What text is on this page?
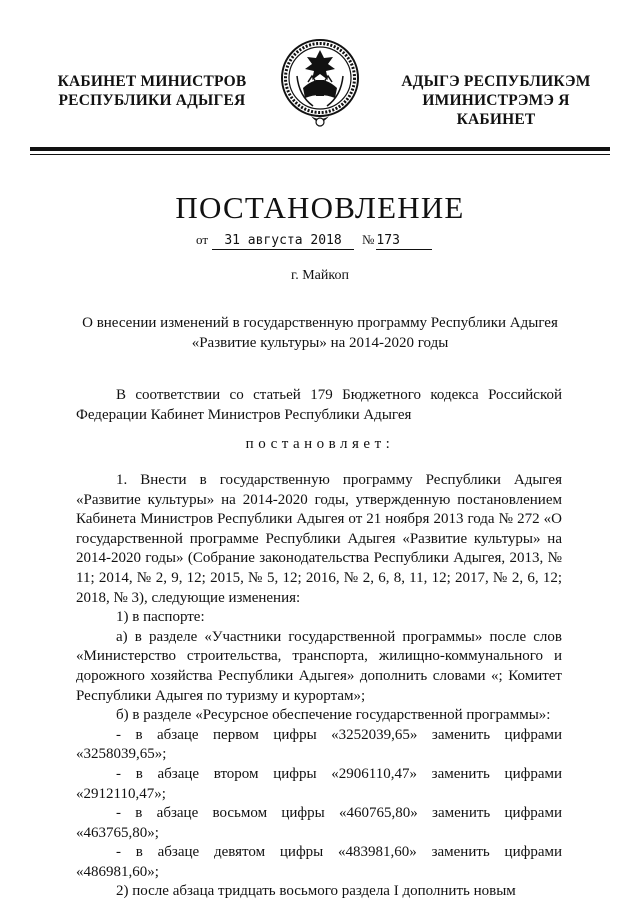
КАБИНЕТ МИНИСТРОВ
РЕСПУБЛИКИ АДЫГЕЯ
АДЫГЭ РЕСПУБЛИКЭМ
ИМИНИСТРЭМЭ Я КАБИНЕТ
ПОСТАНОВЛЕНИЕ
от 31 августа 2018 № 173
г. Майкоп
О внесении изменений в государственную программу Республики Адыгея
«Развитие культуры» на 2014-2020 годы
В соответствии со статьей 179 Бюджетного кодекса Российской Федерации Кабинет Министров Республики Адыгея
постановляет:

1. Внести в государственную программу Республики Адыгея «Развитие культуры» на 2014-2020 годы, утвержденную постановлением Кабинета Министров Республики Адыгея от 21 ноября 2013 года № 272 «О государственной программе Республики Адыгея «Развитие культуры» на 2014-2020 годы» (Собрание законодательства Республики Адыгея, 2013, № 11; 2014, № 2, 9, 12; 2015, № 5, 12; 2016, № 2, 6, 8, 11, 12; 2017, № 2, 6, 12; 2018, № 3), следующие изменения:

1) в паспорте:

а) в разделе «Участники государственной программы» после слов «Министерство строительства, транспорта, жилищно-коммунального и дорожного хозяйства Республики Адыгея» дополнить словами «; Комитет Республики Адыгея по туризму и курортам»;

б) в разделе «Ресурсное обеспечение государственной программы»:

- в абзаце первом цифры «3252039,65» заменить цифрами «3258039,65»;

- в абзаце втором цифры «2906110,47» заменить цифрами «2912110,47»;

- в абзаце восьмом цифры «460765,80» заменить цифрами «463765,80»;

- в абзаце девятом цифры «483981,60» заменить цифрами «486981,60»;

2) после абзаца тридцать восьмого раздела I дополнить новым
